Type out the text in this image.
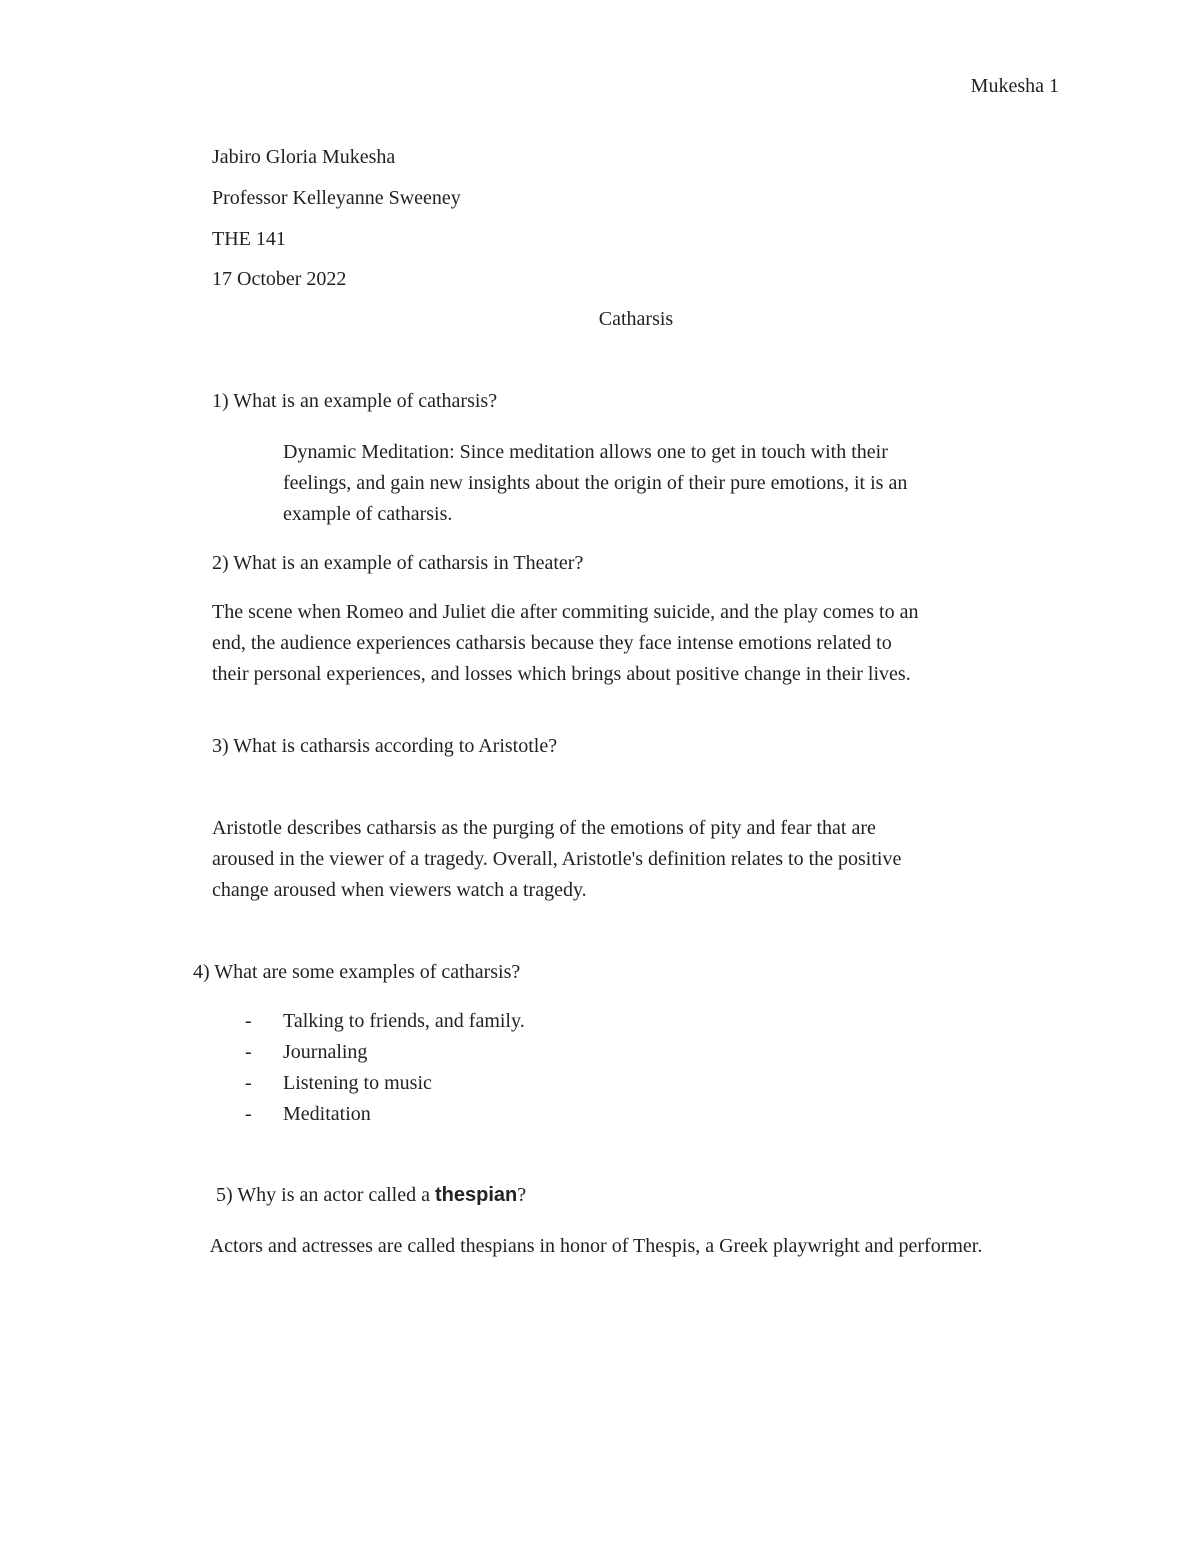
Mukesha 1

Jabiro Gloria Mukesha

Professor Kelleyanne Sweeney

THE 141

17 October 2022

Catharsis

1) What is an example of catharsis?

Dynamic Meditation: Since meditation allows one to get in touch with their

feelings, and gain new insights about the origin of their pure emotions, it is an

example of catharsis.

2) What is an example of catharsis in Theater?

The scene when Romeo and Juliet die after commiting suicide, and the play comes to an

end, the audience experiences catharsis because they face intense emotions related to

their personal experiences, and losses which brings about positive change in their lives.

3) What is catharsis according to Aristotle?

Aristotle describes catharsis as the purging of the emotions of pity and fear that are

aroused in the viewer of a tragedy. Overall, Aristotle's definition relates to the positive

change aroused when viewers watch a tragedy.

4) What are some examples of catharsis?

-	Talking to friends, and family.
-	Journaling
-	Listening to music
-	Meditation

5) Why is an actor called a thespian?

Actors and actresses are called thespians in honor of Thespis, a Greek playwright and performer.
